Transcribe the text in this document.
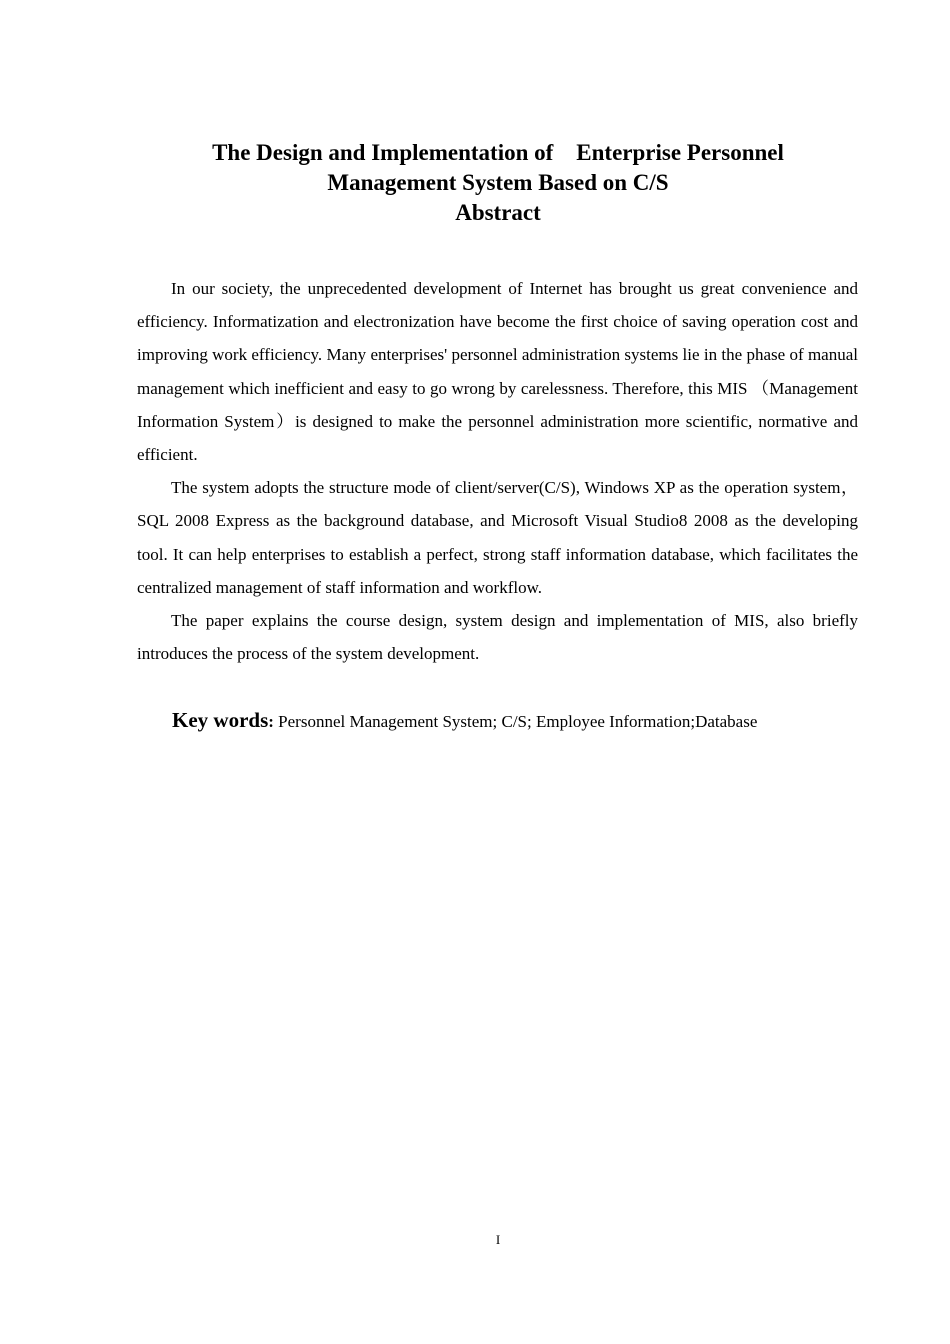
The Design and Implementation of    Enterprise Personnel
Management System Based on C/S
Abstract

In our society, the unprecedented development of Internet has brought us great convenience and efficiency. Informatization and electronization have become the first choice of saving operation cost and improving work efficiency. Many enterprises' personnel administration systems lie in the phase of manual management which inefficient and easy to go wrong by carelessness. Therefore, this MIS （Management Information System）is designed to make the personnel administration more scientific, normative and efficient.

The system adopts the structure mode of client/server(C/S), Windows XP as the operation system，SQL 2008 Express as the background database, and Microsoft Visual Studio8 2008 as the developing tool. It can help enterprises to establish a perfect, strong staff information database, which facilitates the centralized management of staff information and workflow.

The paper explains the course design, system design and implementation of MIS, also briefly introduces the process of the system development.

Key words: Personnel Management System; C/S; Employee Information;Database
I
